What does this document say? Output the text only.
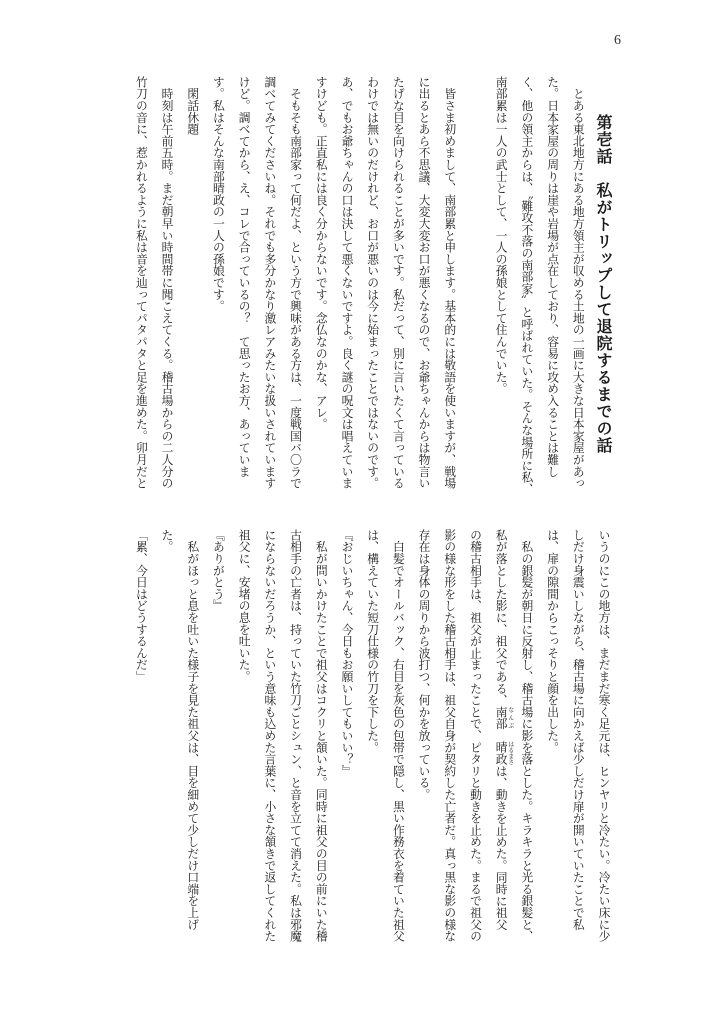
6
第壱話　私がトリップして退院するまでの話
　とある東北地方にある地方領主が収める土地の一画に大きな日本家屋があっ
た。日本家屋の周りは崖や岩場が点在しており、容易に攻め入ることは難し
く、他の領主からは、〝難攻不落の南部家〟と呼ばれていた。そんな場所に私、
南部累は一人の武士として、一人の孫娘として住んでいた。
　皆さま初めまして、南部累と申します。基本的には敬語を使いますが、戦場
に出るとあら不思議、大変大変お口が悪くなるので、お爺ちゃんからは物言い
たげな目を向けられることが多いです。私だって、別に言いたくて言っている
わけでは無いのだけれど、お口が悪いのは今に始まったことではないのです。
あ、でもお爺ちゃんの口は決して悪くないですよ。良く謎の呪文は唱えていま
すけども。正直私には良く分からないです。念仏なのかな、アレ。
　そもそも南部家って何だよ、という方で興味がある方は、一度戦国バ〇ラで
調べてみてくださいね。それでも多分かなり激レアみたいな扱いされています
けど。調べてから、え、コレで合っているの？　て思ったお方、あっていま
す。私はそんな南部晴政の一人の孫娘です。
　閑話休題
　時刻は午前五時。まだ朝早い時間帯に聞こえてくる。稽古場からの二人分の
竹刀の音に、惹かれるように私は音を辿ってパタパタと足を進めた。卯月だと
いうのにこの地方は、まだまだ寒く足元は、ヒンヤリと冷たい。冷たい床に少
しだけ身震いしながら、稽古場に向かえば少しだけ扉が開いていたことで私
は、扉の隙間からこっそりと顔を出した。
　私の銀髪が朝日に反射し、稽古場に影を落とした。キラキラと光る銀髪と、
私が落とした影に、祖父である、南部なんぶ　晴政はるまさは、動きを止めた。同時に祖父
の稽古相手は、祖父が止まったことで、ピタリと動きを止めた。まるで祖父の
影の様な形をした稽古相手は、祖父自身が契約した亡者だ。真っ黒な影の様な
存在は身体の周りから波打つ、何かを放っている。
　白髪でオールバック、右目を灰色の包帯で隠し、黒い作務衣を着ていた祖父
は、構えていた短刀仕様の竹刀を下した。
『おじいちゃん、今日もお願いしてもいい？』
　私が問いかけたことで祖父はコクリと頷いた。同時に祖父の目の前にいた稽
古相手の亡者は、持っていた竹刀ごとシュン、と音を立てて消えた。私は邪魔
にならないだろうか、という意味も込めた言葉に、小さな頷きで返してくれた
祖父に、安堵の息を吐いた。
『ありがとう』
　私がほっと息を吐いた様子を見た祖父は、目を細めて少しだけ口端を上げ
た。
「累、今日はどうするんだ」
